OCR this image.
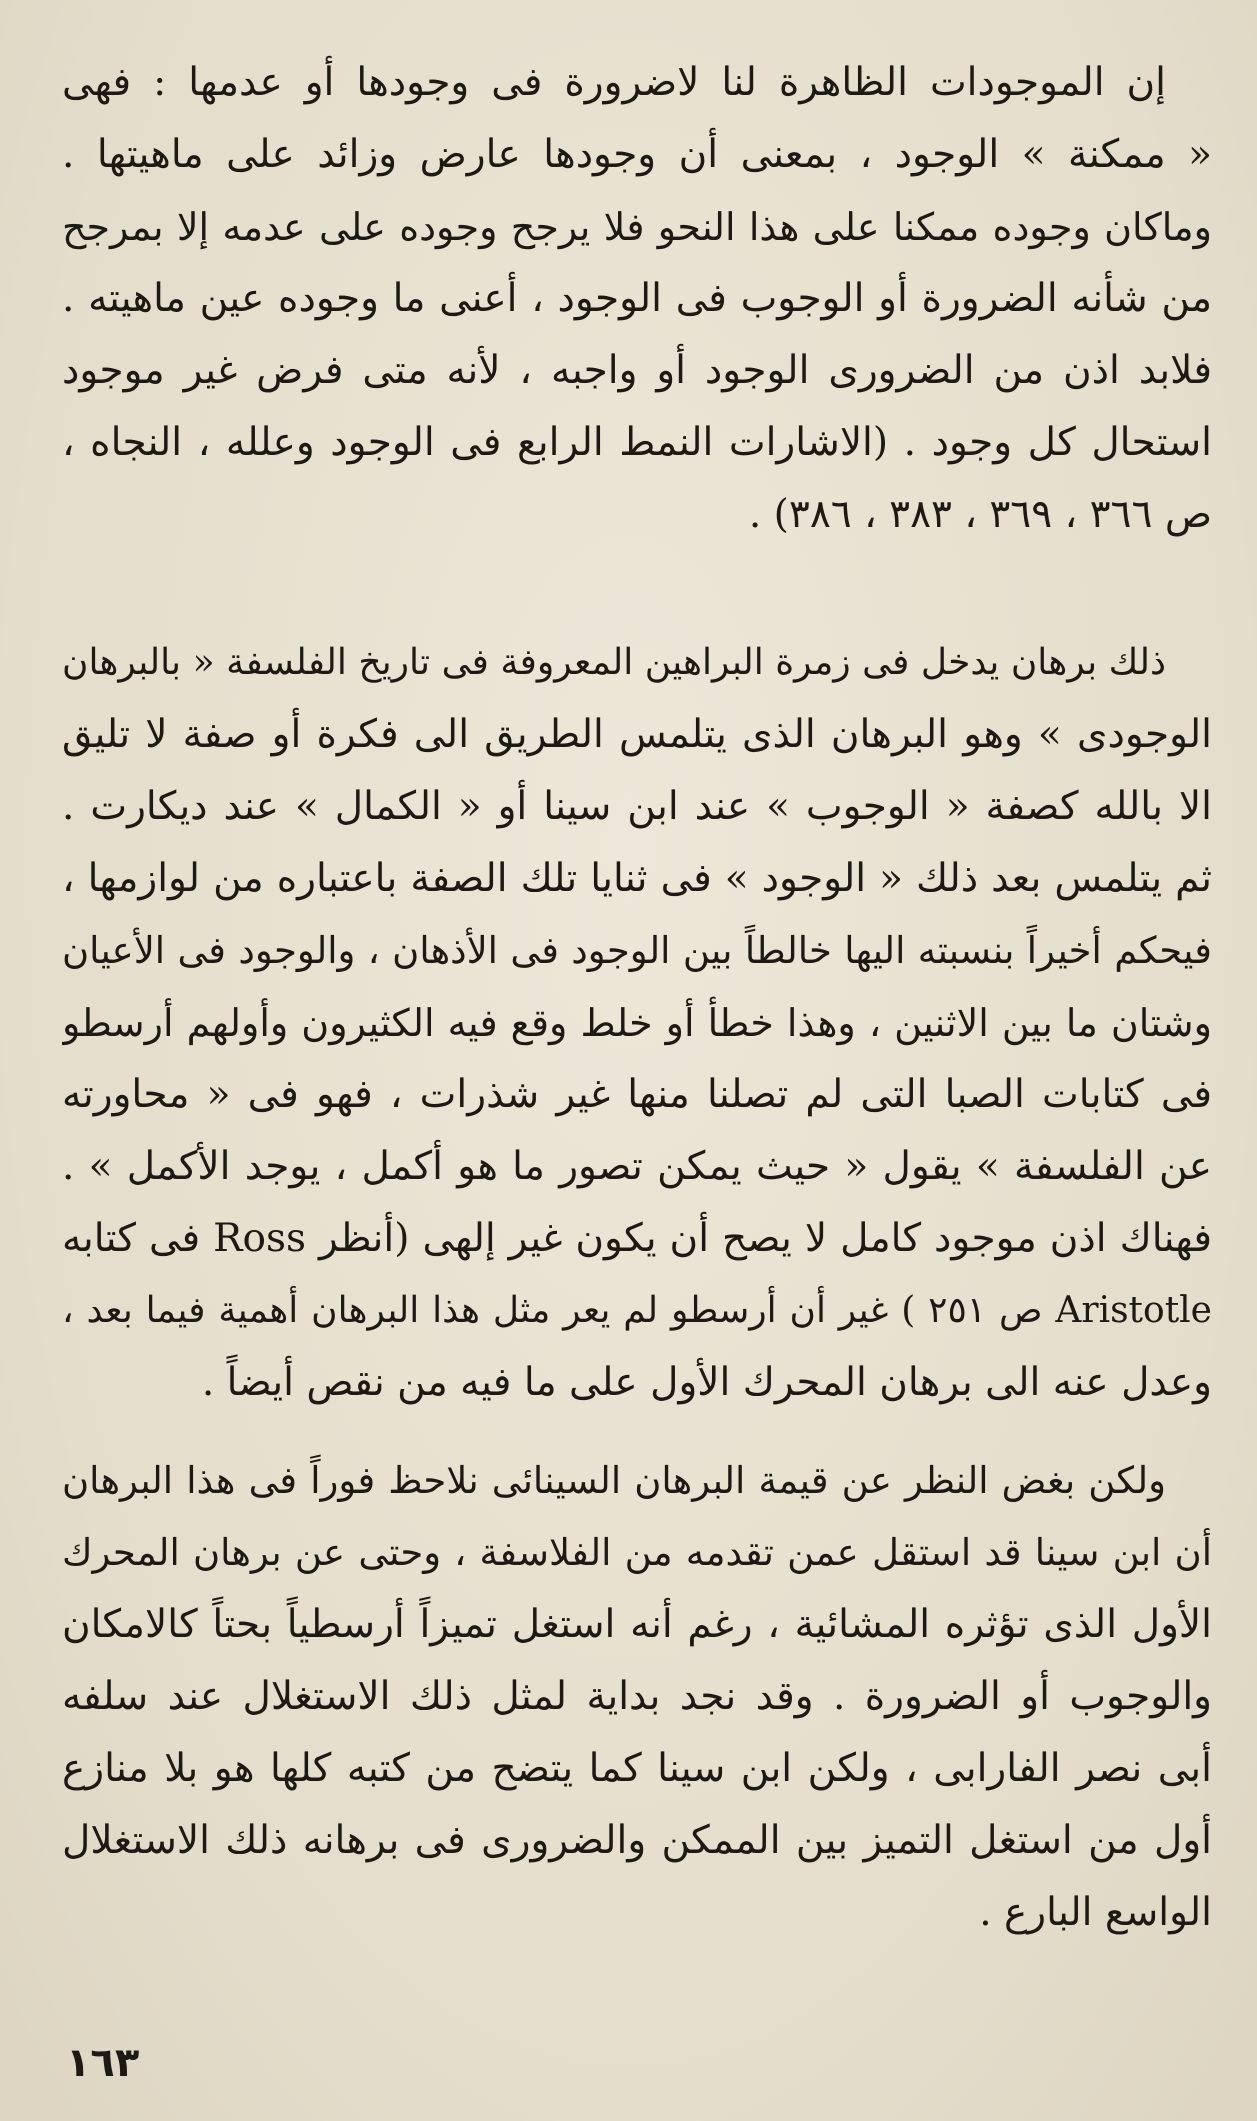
إن الموجودات الظاهرة لنا لاضرورة فى وجودها أو عدمها : فهى
« ممكنة » الوجود ، بمعنى أن وجودها عارض وزائد على ماهيتها .
وماكان وجوده ممكنا على هذا النحو فلا يرجح وجوده على عدمه إلا بمرجح
من شأنه الضرورة أو الوجوب فى الوجود ، أعنى ما وجوده عين ماهيته .
فلابد اذن من الضرورى الوجود أو واجبه ، لأنه متى فرض غير موجود
استحال كل وجود . (الاشارات النمط الرابع فى الوجود وعلله ، النجاه ،
ص ٣٦٦ ، ٣٦٩ ، ٣٨٣ ، ٣٨٦) .
ذلك برهان يدخل فى زمرة البراهين المعروفة فى تاريخ الفلسفة « بالبرهان
الوجودى » وهو البرهان الذى يتلمس الطريق الى فكرة أو صفة لا تليق
الا بالله كصفة « الوجوب » عند ابن سينا أو « الكمال » عند ديكارت .
ثم يتلمس بعد ذلك « الوجود » فى ثنايا تلك الصفة باعتباره من لوازمها ،
فيحكم أخيراً بنسبته اليها خالطاً بين الوجود فى الأذهان ، والوجود فى الأعيان
وشتان ما بين الاثنين ، وهذا خطأ أو خلط وقع فيه الكثيرون وأولهم أرسطو
فى كتابات الصبا التى لم تصلنا منها غير شذرات ، فهو فى « محاورته
عن الفلسفة » يقول « حيث يمكن تصور ما هو أكمل ، يوجد الأكمل » .
فهناك اذن موجود كامل لا يصح أن يكون غير إلهى (أنظر Ross فى كتابه
Aristotle ص ٢٥١ ) غير أن أرسطو لم يعر مثل هذا البرهان أهمية فيما بعد ،
وعدل عنه الى برهان المحرك الأول على ما فيه من نقص أيضاً .
ولكن بغض النظر عن قيمة البرهان السينائى نلاحظ فوراً فى هذا البرهان
أن ابن سينا قد استقل عمن تقدمه من الفلاسفة ، وحتى عن برهان المحرك
الأول الذى تؤثره المشائية ، رغم أنه استغل تميزاً أرسطياً بحتاً كالامكان
والوجوب أو الضرورة . وقد نجد بداية لمثل ذلك الاستغلال عند سلفه
أبى نصر الفارابى ، ولكن ابن سينا كما يتضح من كتبه كلها هو بلا منازع
أول من استغل التميز بين الممكن والضرورى فى برهانه ذلك الاستغلال
الواسع البارع .
١٦٣
